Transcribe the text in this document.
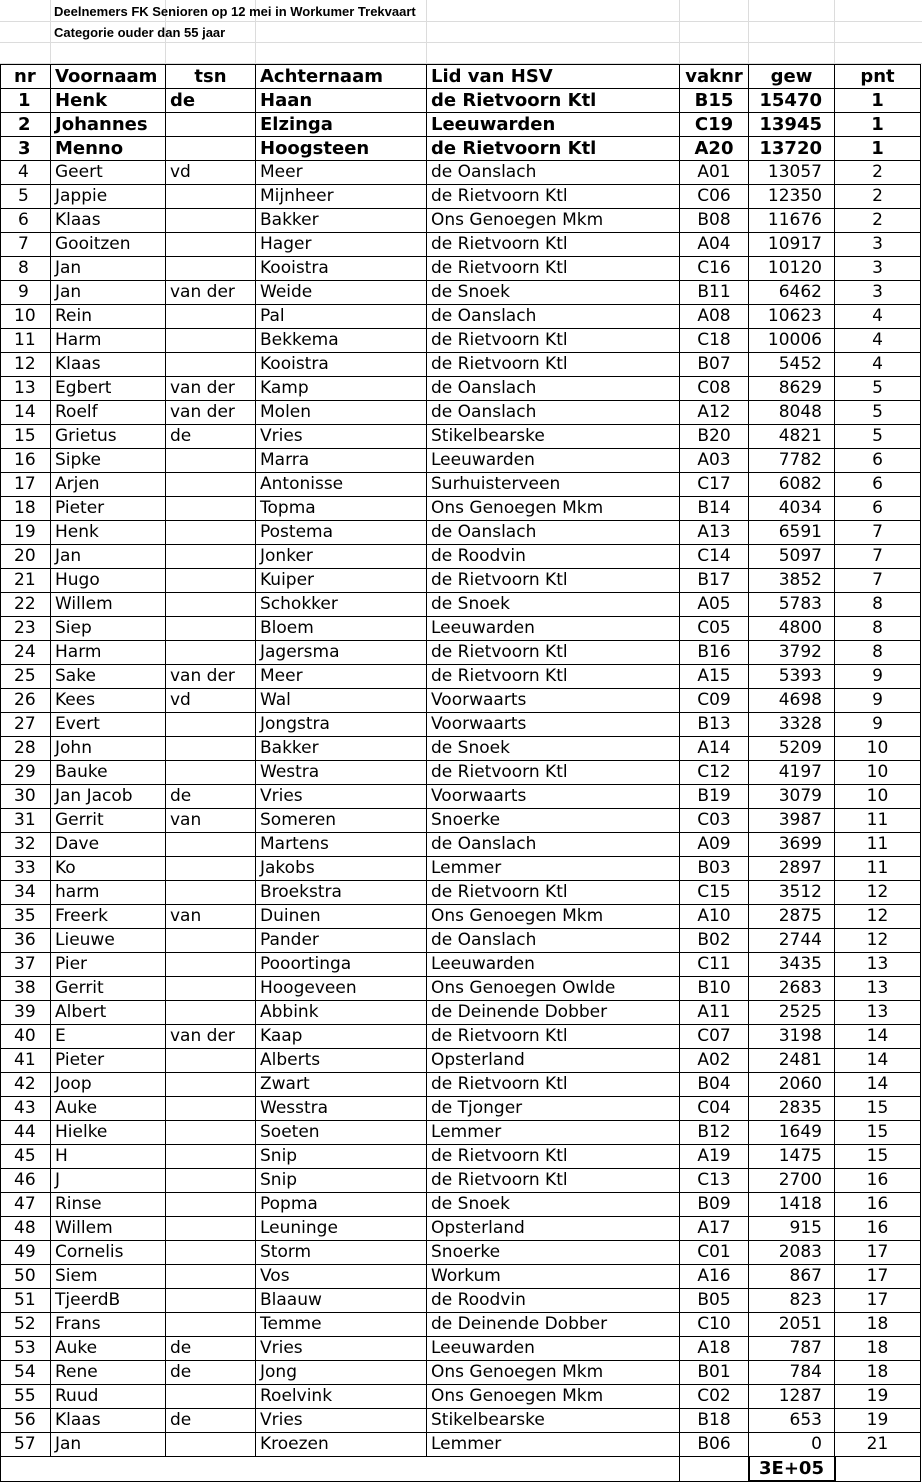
Deelnemers FK Senioren op 12 mei in Workumer Trekvaart
Categorie ouder dan 55 jaar
nr	Voornaam	tsn	Achternaam	Lid van HSV	vaknr	gew	pnt
1	Henk	de	Haan	de Rietvoorn Ktl	B15	15470	1
2	Johannes		Elzinga	Leeuwarden	C19	13945	1
3	Menno		Hoogsteen	de Rietvoorn Ktl	A20	13720	1
4	Geert	vd	Meer	de Oanslach	A01	13057	2
5	Jappie		Mijnheer	de Rietvoorn Ktl	C06	12350	2
6	Klaas		Bakker	Ons Genoegen Mkm	B08	11676	2
7	Gooitzen		Hager	de Rietvoorn Ktl	A04	10917	3
8	Jan		Kooistra	de Rietvoorn Ktl	C16	10120	3
9	Jan	van der	Weide	de Snoek	B11	6462	3
10	Rein		Pal	de Oanslach	A08	10623	4
11	Harm		Bekkema	de Rietvoorn Ktl	C18	10006	4
12	Klaas		Kooistra	de Rietvoorn Ktl	B07	5452	4
13	Egbert	van der	Kamp	de Oanslach	C08	8629	5
14	Roelf	van der	Molen	de Oanslach	A12	8048	5
15	Grietus	de	Vries	Stikelbearske	B20	4821	5
16	Sipke		Marra	Leeuwarden	A03	7782	6
17	Arjen		Antonisse	Surhuisterveen	C17	6082	6
18	Pieter		Topma	Ons Genoegen Mkm	B14	4034	6
19	Henk		Postema	de Oanslach	A13	6591	7
20	Jan		Jonker	de Roodvin	C14	5097	7
21	Hugo		Kuiper	de Rietvoorn Ktl	B17	3852	7
22	Willem		Schokker	de Snoek	A05	5783	8
23	Siep		Bloem	Leeuwarden	C05	4800	8
24	Harm		Jagersma	de Rietvoorn Ktl	B16	3792	8
25	Sake	van der	Meer	de Rietvoorn Ktl	A15	5393	9
26	Kees	vd	Wal	Voorwaarts	C09	4698	9
27	Evert		Jongstra	Voorwaarts	B13	3328	9
28	John		Bakker	de Snoek	A14	5209	10
29	Bauke		Westra	de Rietvoorn Ktl	C12	4197	10
30	Jan Jacob	de	Vries	Voorwaarts	B19	3079	10
31	Gerrit	van	Someren	Snoerke	C03	3987	11
32	Dave		Martens	de Oanslach	A09	3699	11
33	Ko		Jakobs	Lemmer	B03	2897	11
34	harm		Broekstra	de Rietvoorn Ktl	C15	3512	12
35	Freerk	van	Duinen	Ons Genoegen Mkm	A10	2875	12
36	Lieuwe		Pander	de Oanslach	B02	2744	12
37	Pier		Pooortinga	Leeuwarden	C11	3435	13
38	Gerrit		Hoogeveen	Ons Genoegen Owlde	B10	2683	13
39	Albert		Abbink	de Deinende Dobber	A11	2525	13
40	E	van der	Kaap	de Rietvoorn Ktl	C07	3198	14
41	Pieter		Alberts	Opsterland	A02	2481	14
42	Joop		Zwart	de Rietvoorn Ktl	B04	2060	14
43	Auke		Wesstra	de Tjonger	C04	2835	15
44	Hielke		Soeten	Lemmer	B12	1649	15
45	H		Snip	de Rietvoorn Ktl	A19	1475	15
46	J		Snip	de Rietvoorn Ktl	C13	2700	16
47	Rinse		Popma	de Snoek	B09	1418	16
48	Willem		Leuninge	Opsterland	A17	915	16
49	Cornelis		Storm	Snoerke	C01	2083	17
50	Siem		Vos	Workum	A16	867	17
51	TjeerdB		Blaauw	de Roodvin	B05	823	17
52	Frans		Temme	de Deinende Dobber	C10	2051	18
53	Auke	de	Vries	Leeuwarden	A18	787	18
54	Rene	de	Jong	Ons Genoegen Mkm	B01	784	18
55	Ruud		Roelvink	Ons Genoegen Mkm	C02	1287	19
56	Klaas	de	Vries	Stikelbearske	B18	653	19
57	Jan		Kroezen	Lemmer	B06	0	21
						3E+05	
